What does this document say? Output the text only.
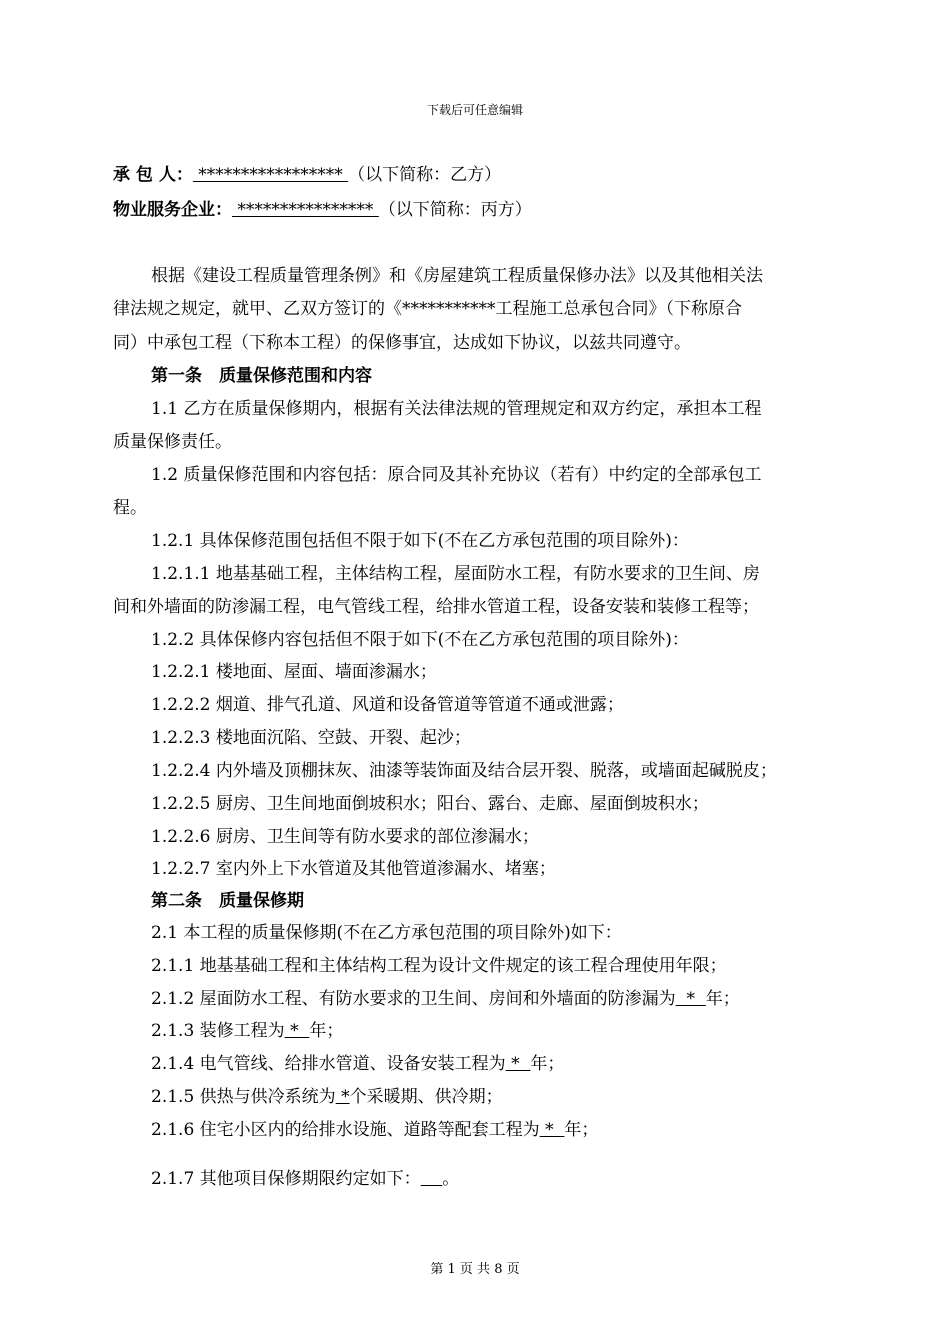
下载后可任意编辑
承 包 人： ***************** （以下简称：乙方）
物业服务企业： **************** （以下简称：丙方）
根据《建设工程质量管理条例》和《房屋建筑工程质量保修办法》以及其他相关法
律法规之规定，就甲、乙双方签订的《***********工程施工总承包合同》（下称原合
同）中承包工程（下称本工程）的保修事宜，达成如下协议，以兹共同遵守。
第一条　质量保修范围和内容
1.1 乙方在质量保修期内，根据有关法律法规的管理规定和双方约定，承担本工程
质量保修责任。
1.2 质量保修范围和内容包括：原合同及其补充协议（若有）中约定的全部承包工
程。
1.2.1 具体保修范围包括但不限于如下(不在乙方承包范围的项目除外)：
1.2.1.1 地基基础工程，主体结构工程，屋面防水工程，有防水要求的卫生间、房
间和外墙面的防渗漏工程，电气管线工程，给排水管道工程，设备安装和装修工程等；
1.2.2 具体保修内容包括但不限于如下(不在乙方承包范围的项目除外)：
1.2.2.1 楼地面、屋面、墙面渗漏水；
1.2.2.2 烟道、排气孔道、风道和设备管道等管道不通或泄露；
1.2.2.3 楼地面沉陷、空鼓、开裂、起沙；
1.2.2.4 内外墙及顶棚抹灰、油漆等装饰面及结合层开裂、脱落，或墙面起碱脱皮；
1.2.2.5 厨房、卫生间地面倒坡积水；阳台、露台、走廊、屋面倒坡积水；
1.2.2.6 厨房、卫生间等有防水要求的部位渗漏水；
1.2.2.7 室内外上下水管道及其他管道渗漏水、堵塞；
第二条　质量保修期
2.1 本工程的质量保修期(不在乙方承包范围的项目除外)如下：
2.1.1 地基基础工程和主体结构工程为设计文件规定的该工程合理使用年限；
2.1.2 屋面防水工程、有防水要求的卫生间、房间和外墙面的防渗漏为  *  年；
2.1.3 装修工程为 *  年；
2.1.4 电气管线、给排水管道、设备安装工程为 *  年；
2.1.5 供热与供冷系统为 *个采暖期、供冷期；
2.1.6 住宅小区内的给排水设施、道路等配套工程为 *  年；
2.1.7 其他项目保修期限约定如下： 。
第 1 页 共 8 页
